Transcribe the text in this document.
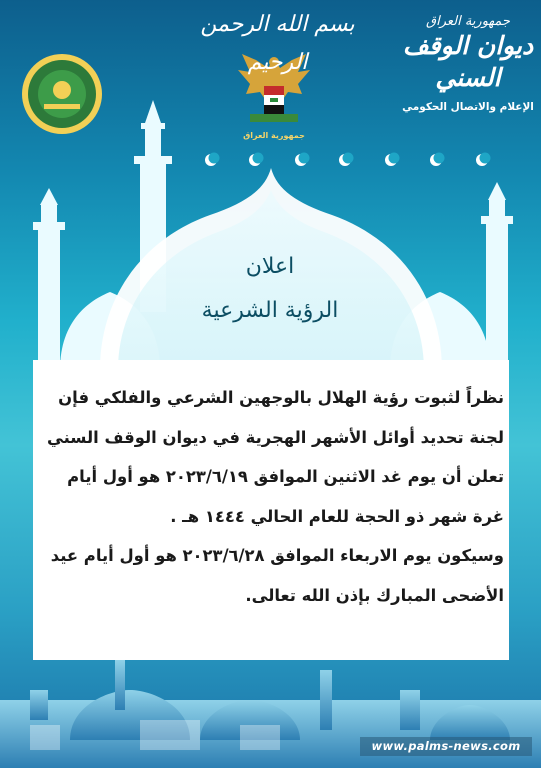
بسم الله الرحمن الرحيم
جمهورية العراق
جمهورية العراق
ديوان الوقف السني
الإعلام والاتصال الحكومي
اعلان
الرؤية الشرعية
نظراً لثبوت رؤية الهلال بالوجهين الشرعي والفلكي فإن
لجنة تحديد أوائل الأشهر الهجرية في ديوان الوقف السني
تعلن أن يوم غد الاثنين الموافق ٢٠٢٣/٦/١٩ هو أول أيام
غرة شهر ذو الحجة للعام الحالي ١٤٤٤ هـ .
وسيكون يوم الاربعاء الموافق ٢٠٢٣/٦/٢٨ هو أول أيام عيد
الأضحى المبارك بإذن الله تعالى.
www.palms-news.com
